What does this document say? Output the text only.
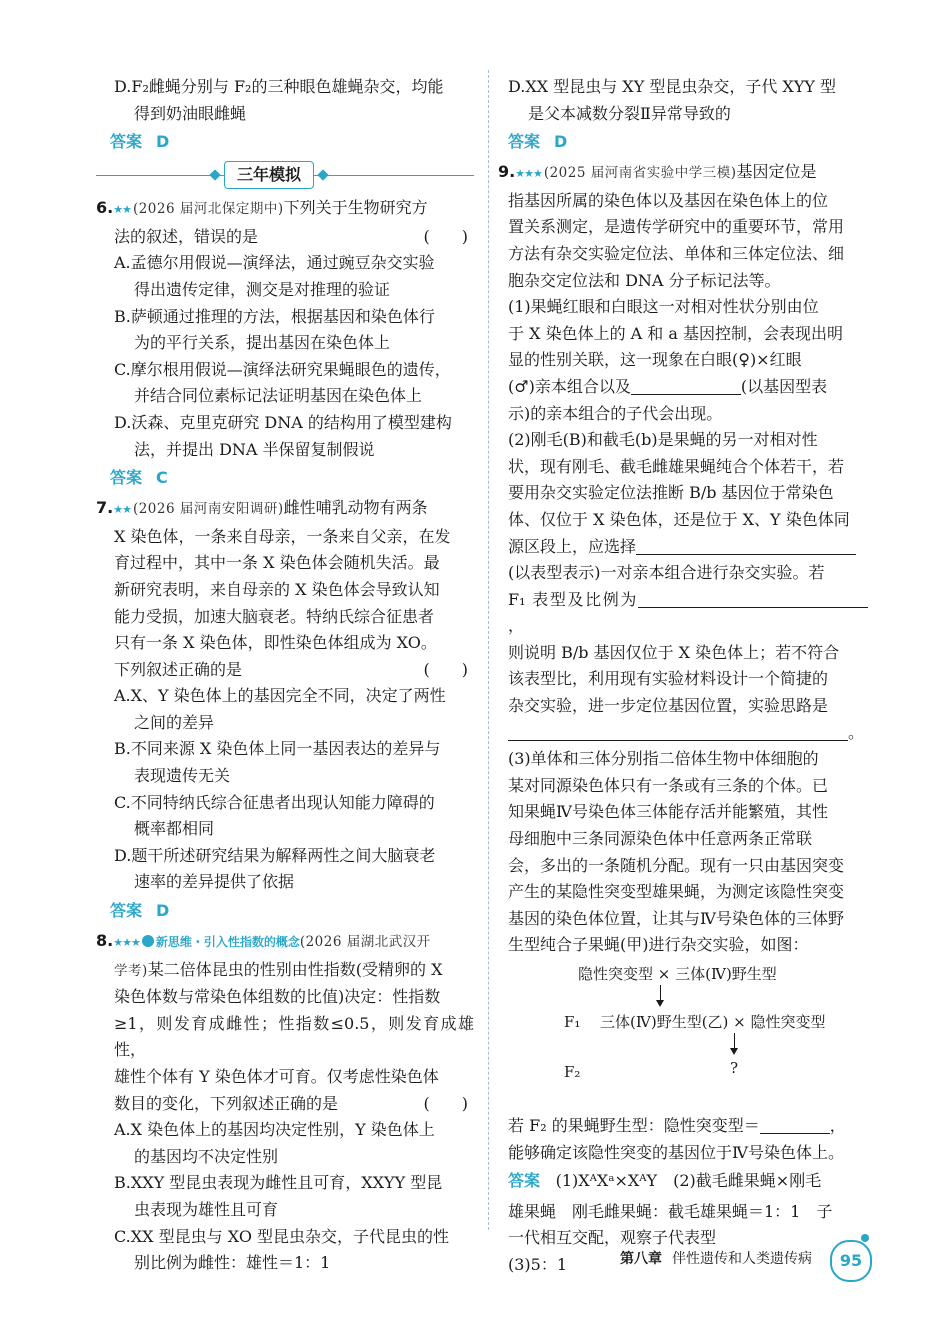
D.F₂雌蝇分别与 F₂的三种眼色雄蝇杂交，均能
得到奶油眼雌蝇

答案 D
三年模拟

6.★★ (2026 届河北保定期中)下列关于生物研究方

法的叙述，错误的是	(　　)

A.孟德尔用假说—演绎法，通过豌豆杂交实验
得出遗传定律，测交是对推理的验证

B.萨顿通过推理的方法，根据基因和染色体行
为的平行关系，提出基因在染色体上

C.摩尔根用假说—演绎法研究果蝇眼色的遗传，
并结合同位素标记法证明基因在染色体上

D.沃森、克里克研究 DNA 的结构用了模型建构
法，并提出 DNA 半保留复制假说

答案 C

7.★★ (2026 届河南安阳调研)雌性哺乳动物有两条

X 染色体，一条来自母亲，一条来自父亲，在发

育过程中，其中一条 X 染色体会随机失活。最

新研究表明，来自母亲的 X 染色体会导致认知

能力受损，加速大脑衰老。特纳氏综合征患者

只有一条 X 染色体，即性染色体组成为 XO。

下列叙述正确的是	(　　)

A.X、Y 染色体上的基因完全不同，决定了两性
之间的差异

B.不同来源 X 染色体上同一基因表达的差异与
表现遗传无关

C.不同特纳氏综合征患者出现认知能力障碍的
概率都相同

D.题干所述研究结果为解释两性之间大脑衰老
速率的差异提供了依据

答案 D

8.★★★ 新思维・引入性指数的概念(2026 届湖北武汉开

学考)某二倍体昆虫的性别由性指数(受精卵的 X

染色体数与常染色体组数的比值)决定：性指数

≥1，则发育成雌性；性指数≤0.5，则发育成雄性，

雄性个体有 Y 染色体才可育。仅考虑性染色体

数目的变化，下列叙述正确的是	(　　)

A.X 染色体上的基因均决定性别，Y 染色体上
的基因均不决定性别

B.XXY 型昆虫表现为雌性且可育，XXYY 型昆
虫表现为雄性且可育

C.XX 型昆虫与 XO 型昆虫杂交，子代昆虫的性
别比例为雌性：雄性＝1：1

D.XX 型昆虫与 XY 型昆虫杂交，子代 XYY 型
是父本减数分裂Ⅱ异常导致的

答案 D

9.★★★ (2025 届河南省实验中学三模)基因定位是

指基因所属的染色体以及基因在染色体上的位

置关系测定，是遗传学研究中的重要环节，常用

方法有杂交实验定位法、单体和三体定位法、细

胞杂交定位法和 DNA 分子标记法等。

(1)果蝇红眼和白眼这一对相对性状分别由位

于 X 染色体上的 A 和 a 基因控制，会表现出明

显的性别关联，这一现象在白眼(♀)×红眼

(♂)亲本组合以及	(以基因型表

示)的亲本组合的子代会出现。

(2)刚毛(B)和截毛(b)是果蝇的另一对相对性

状，现有刚毛、截毛雌雄果蝇纯合个体若干，若

要用杂交实验定位法推断 B/b 基因位于常染色

体、仅位于 X 染色体，还是位于 X、Y 染色体同

源区段上，应选择

(以表型表示)一对亲本组合进行杂交实验。若

F₁ 表型及比例为，

则说明 B/b 基因仅位于 X 染色体上；若不符合

该表型比，利用现有实验材料设计一个简捷的

杂交实验，进一步定位基因位置，实验思路是

。

(3)单体和三体分别指二倍体生物中体细胞的

某对同源染色体只有一条或有三条的个体。已

知果蝇Ⅳ号染色体三体能存活并能繁殖，其性

母细胞中三条同源染色体中任意两条正常联

会，多出的一条随机分配。现有一只由基因突变

产生的某隐性突变型雄果蝇，为测定该隐性突变

基因的染色体位置，让其与Ⅳ号染色体的三体野

生型纯合子果蝇(甲)进行杂交实验，如图：

隐性突变型 × 三体(Ⅳ)野生型
F₁ 三体(Ⅳ)野生型(乙) × 隐性突变型
F₂	?

若 F₂ 的果蝇野生型：隐性突变型＝	，

能够确定该隐性突变的基因位于Ⅳ号染色体上。

答案 (1)XᴬXᵃ×XᴬY　(2)截毛雌果蝇×刚毛

雄果蝇　刚毛雌果蝇：截毛雄果蝇＝1：1　子

一代相互交配，观察子代表型

(3)5：1	第八章 伴性遗传和人类遗传病	95
